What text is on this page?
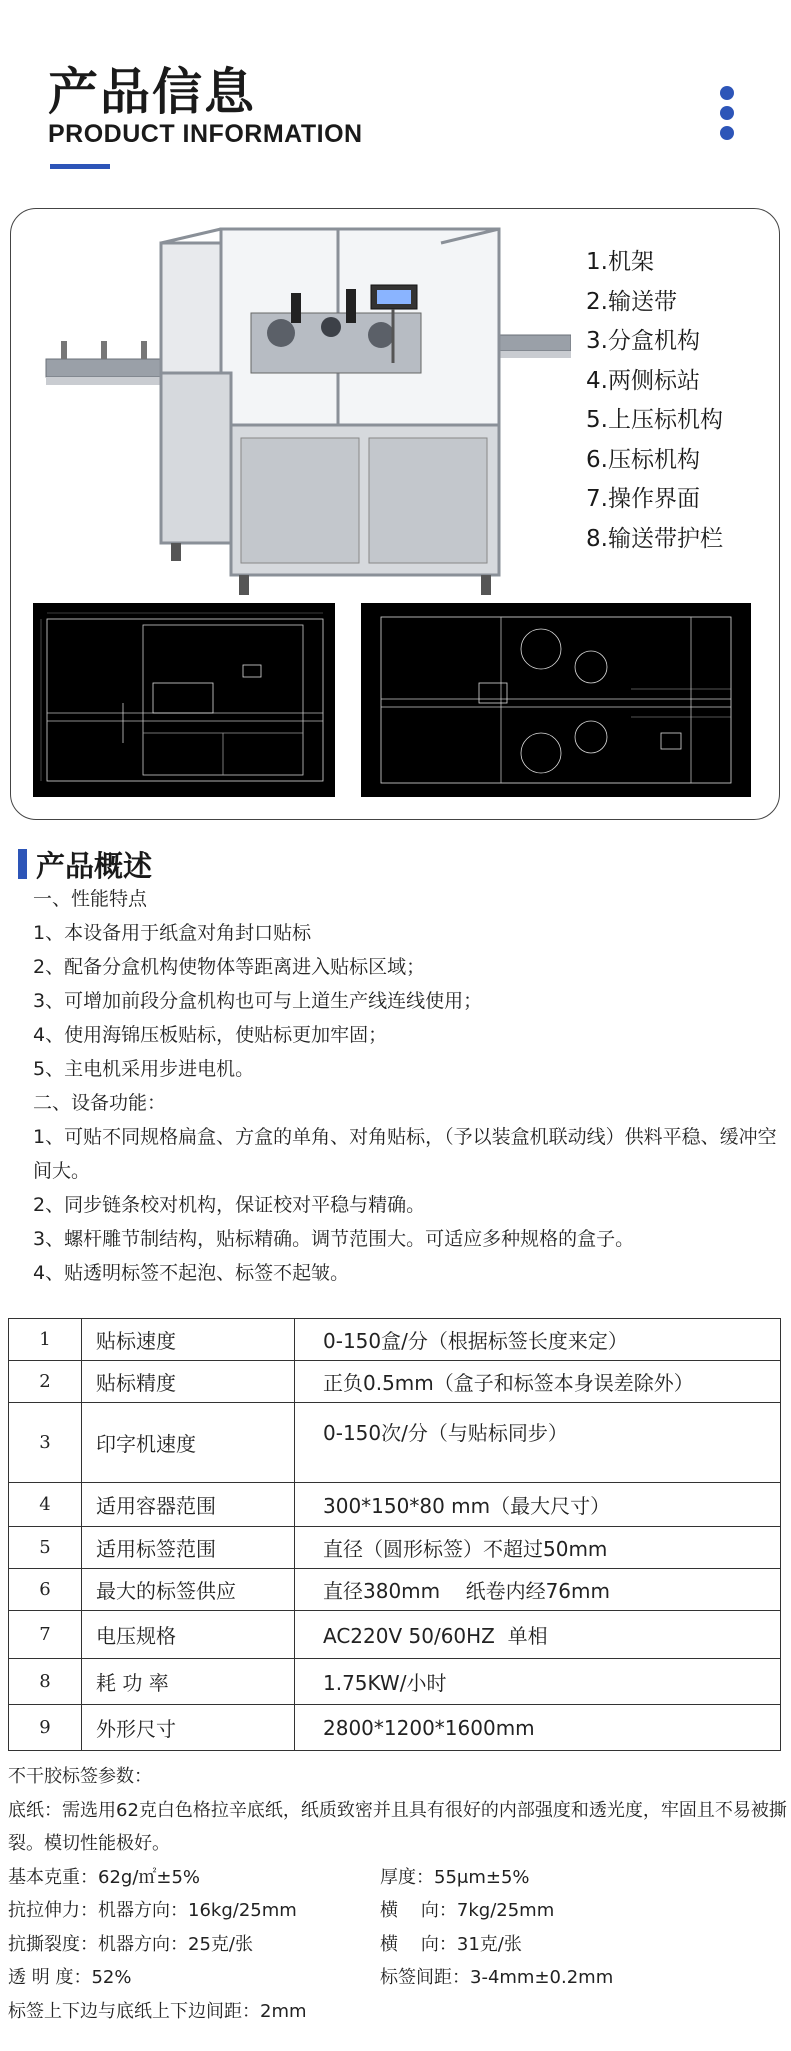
产品信息
PRODUCT INFORMATION
1.机架
2.输送带
3.分盒机构
4.两侧标站
5.上压标机构
6.压标机构
7.操作界面
8.输送带护栏
产品概述
一、性能特点
1、本设备用于纸盒对角封口贴标
2、配备分盒机构使物体等距离进入贴标区域；
3、可增加前段分盒机构也可与上道生产线连线使用；
4、使用海锦压板贴标，使贴标更加牢固；
5、主电机采用步进电机。
二、设备功能：
1、可贴不同规格扁盒、方盒的单角、对角贴标，（予以装盒机联动线）供料平稳、缓冲空间大。
2、同步链条校对机构，保证校对平稳与精确。
3、螺杆雕节制结构，贴标精确。调节范围大。可适应多种规格的盒子。
4、贴透明标签不起泡、标签不起皱。
1	贴标速度	0-150盒/分（根据标签长度来定）
2	贴标精度	正负0.5mm（盒子和标签本身误差除外）
3	印字机速度	0-150次/分（与贴标同步）
4	适用容器范围	300*150*80 mm（最大尺寸）
5	适用标签范围	直径（圆形标签）不超过50mm
6	最大的标签供应	直径380mm    纸卷内经76mm
7	电压规格	AC220V 50/60HZ  单相
8	耗 功 率	1.75KW/小时
9	外形尺寸	2800*1200*1600mm
不干胶标签参数：
底纸：需选用62克白色格拉辛底纸，纸质致密并且具有很好的内部强度和透光度，牢固且不易被撕裂。模切性能极好。
基本克重：62g/㎡±5%	厚度：55μm±5%
抗拉伸力：机器方向：16kg/25mm	横    向：7kg/25mm
抗撕裂度：机器方向：25克/张	横    向：31克/张
透 明 度：52%	标签间距：3-4mm±0.2mm
标签上下边与底纸上下边间距：2mm
